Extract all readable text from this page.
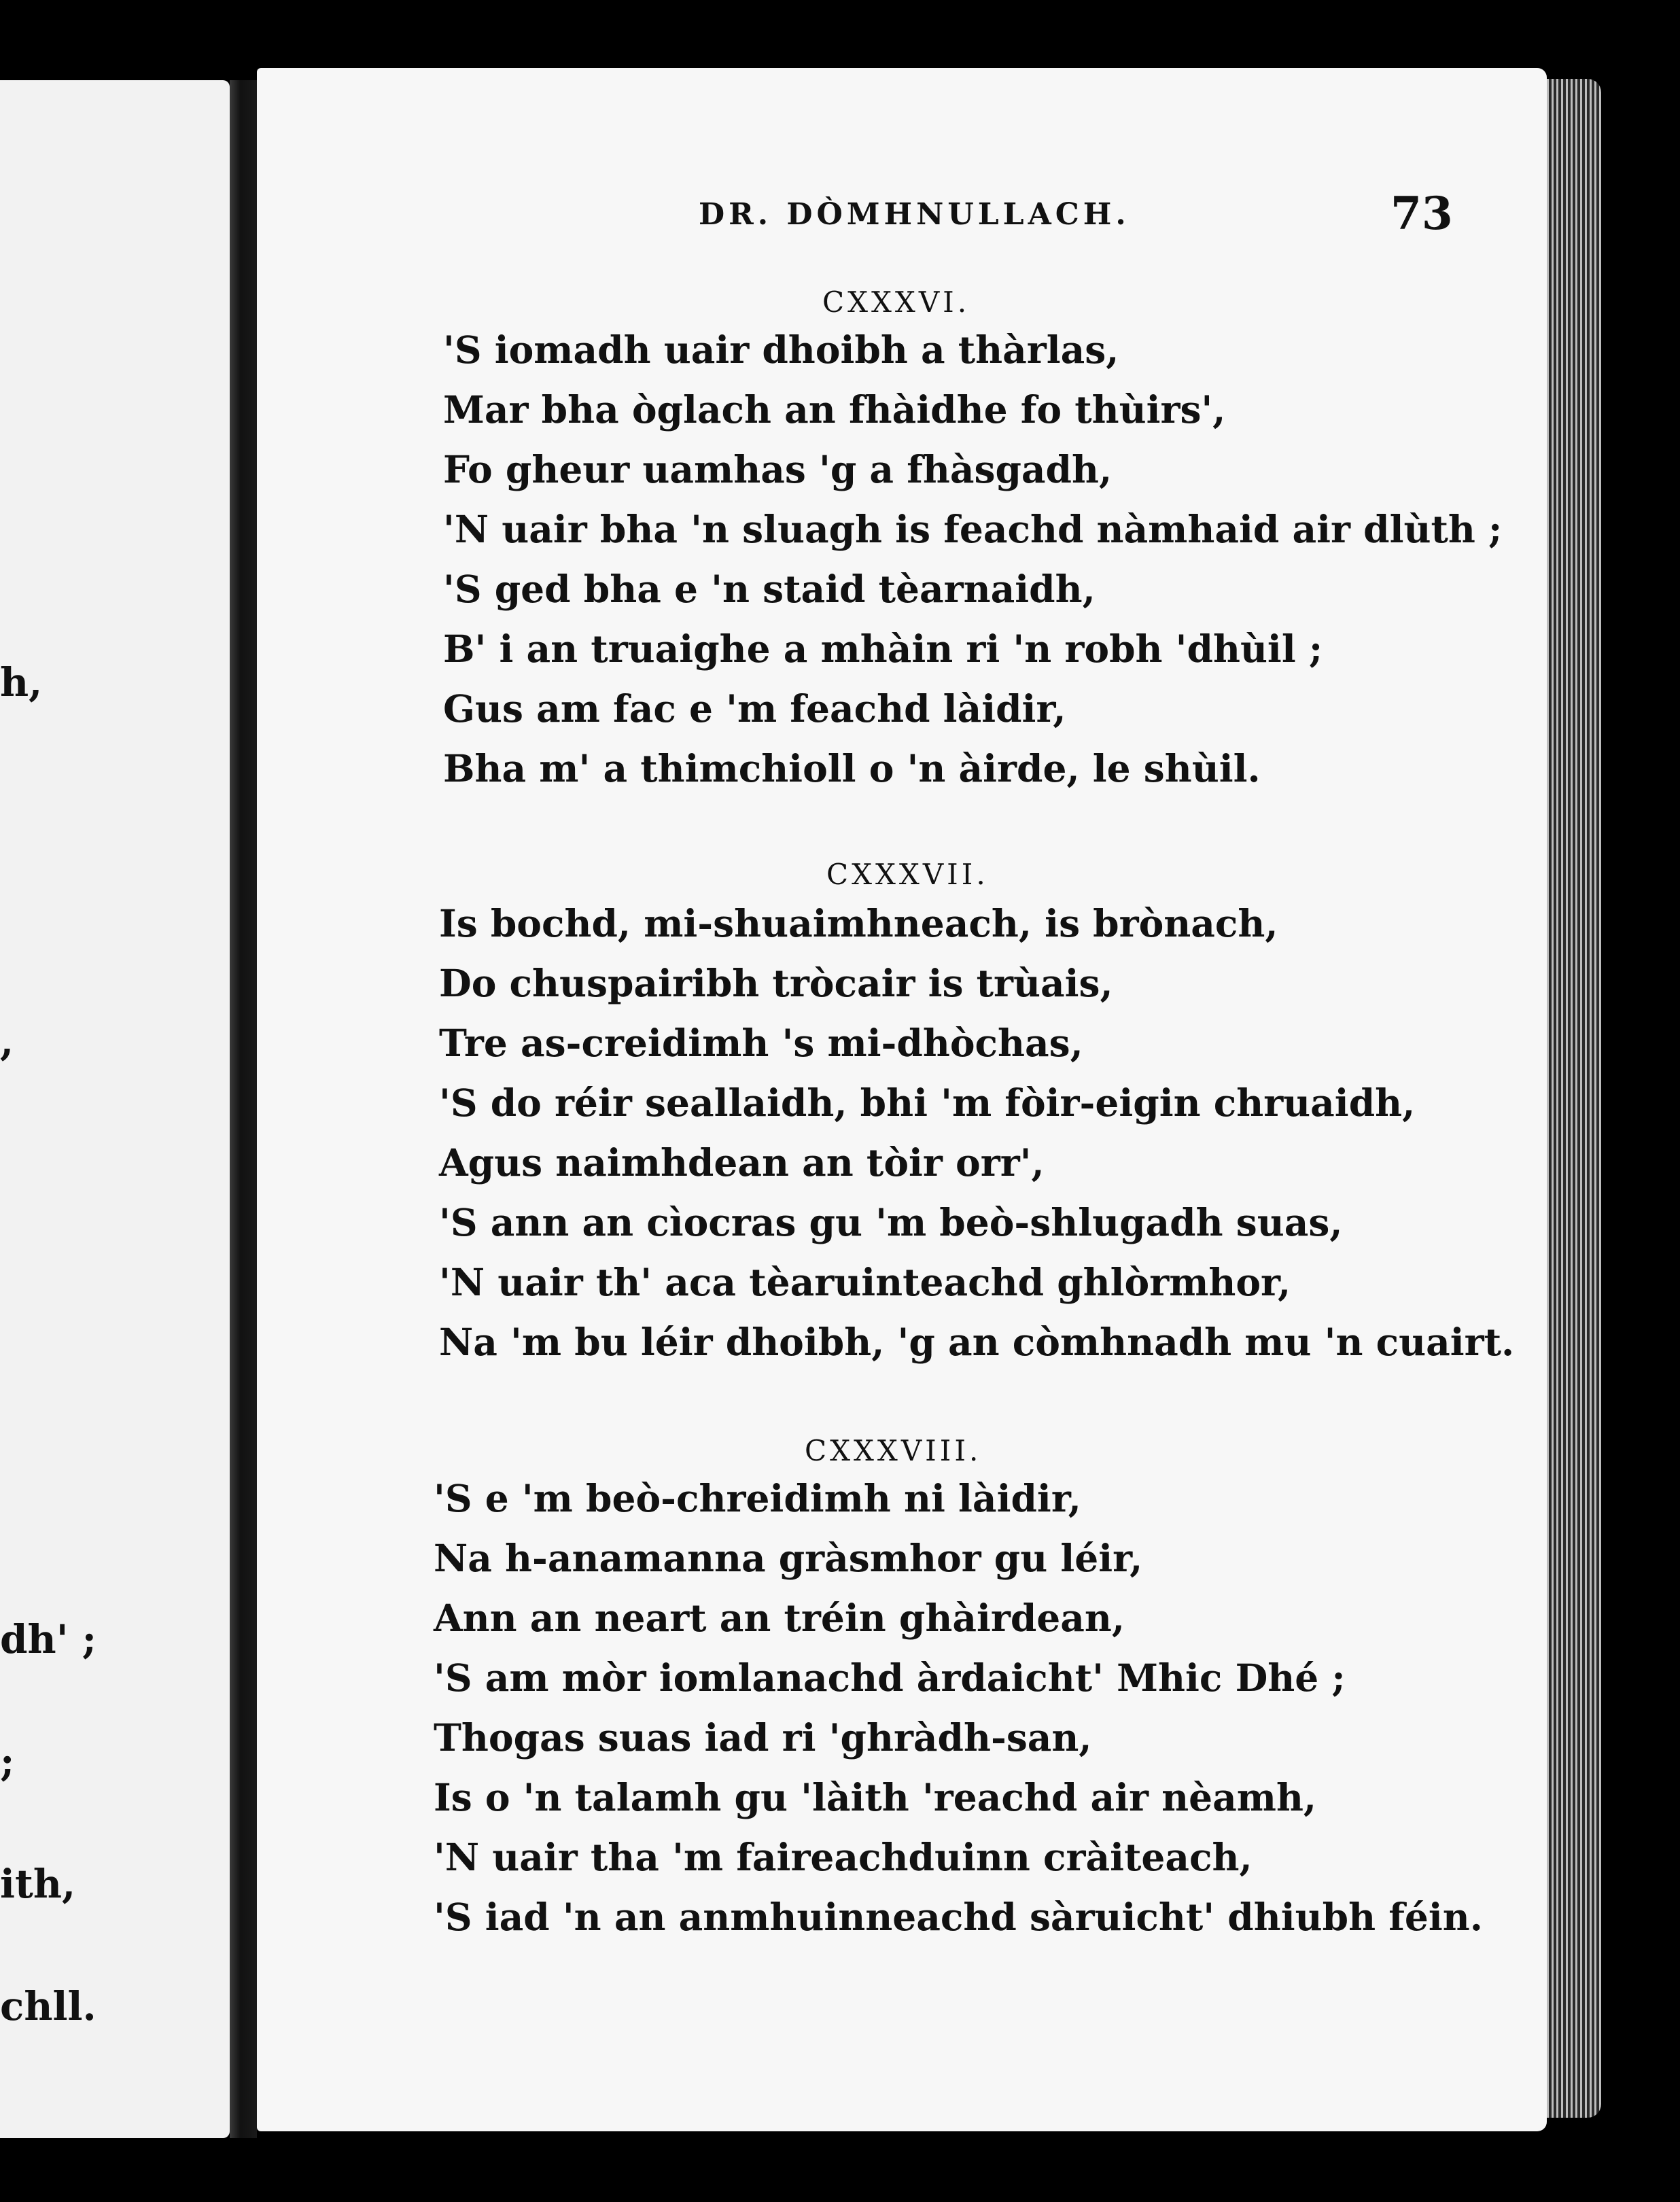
h,
,
dh' ;
;
ith,
chll.
DR. DÒMHNULLACH.	73
CXXXVI.
'S iomadh uair dhoibh a thàrlas,
Mar bha òglach an fhàidhe fo thùirs',
Fo gheur uamhas 'g a fhàsgadh,
'N uair bha 'n sluagh is feachd nàmhaid air dlùth ;
'S ged bha e 'n staid tèarnaidh,
B' i an truaighe a mhàin ri 'n robh 'dhùil ;
Gus am fac e 'm feachd làidir,
Bha m' a thimchioll o 'n àirde, le shùil.
CXXXVII.
Is bochd, mi-shuaimhneach, is brònach,
Do chuspairibh tròcair is trùais,
Tre as-creidimh 's mi-dhòchas,
'S do réir seallaidh, bhi 'm fòir-eigin chruaidh,
Agus naimhdean an tòir orr',
'S ann an cìocras gu 'm beò-shlugadh suas,
'N uair th' aca tèaruinteachd ghlòrmhor,
Na 'm bu léir dhoibh, 'g an còmhnadh mu 'n cuairt.
CXXXVIII.
'S e 'm beò-chreidimh ni làidir,
Na h-anamanna gràsmhor gu léir,
Ann an neart an tréin ghàirdean,
'S am mòr iomlanachd àrdaicht' Mhic Dhé ;
Thogas suas iad ri 'ghràdh-san,
Is o 'n talamh gu 'làith 'reachd air nèamh,
'N uair tha 'm faireachduinn cràiteach,
'S iad 'n an anmhuinneachd sàruicht' dhiubh féin.
